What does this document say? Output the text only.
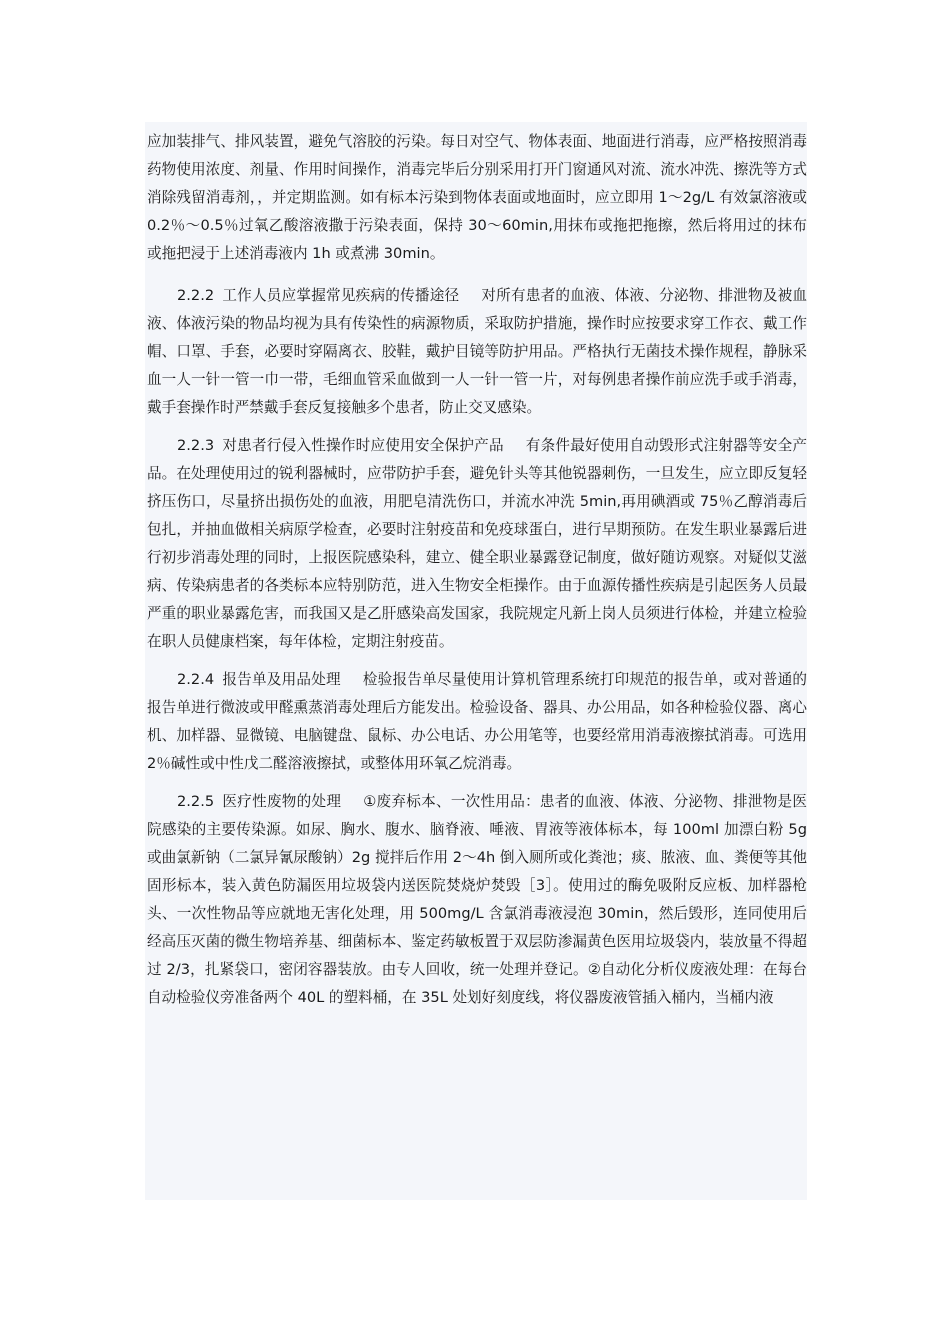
应加装排气、排风装置，避免气溶胶的污染。每日对空气、物体表面、地面进行消毒，应严格按照消毒药物使用浓度、剂量、作用时间操作，消毒完毕后分别采用打开门窗通风对流、流水冲洗、擦洗等方式消除残留消毒剂，，并定期监测。如有标本污染到物体表面或地面时，应立即用 1～2g/L 有效氯溶液或 0.2％～0.5％过氧乙酸溶液撒于污染表面，保持 30～60min,用抹布或拖把拖擦，然后将用过的抹布或拖把浸于上述消毒液内 1h 或煮沸 30min。

2.2.2 工作人员应掌握常见疾病的传播途径 对所有患者的血液、体液、分泌物、排泄物及被血液、体液污染的物品均视为具有传染性的病源物质，采取防护措施，操作时应按要求穿工作衣、戴工作帽、口罩、手套，必要时穿隔离衣、胶鞋，戴护目镜等防护用品。严格执行无菌技术操作规程，静脉采血一人一针一管一巾一带，毛细血管采血做到一人一针一管一片，对每例患者操作前应洗手或手消毒，戴手套操作时严禁戴手套反复接触多个患者，防止交叉感染。

2.2.3 对患者行侵入性操作时应使用安全保护产品 有条件最好使用自动毁形式注射器等安全产品。在处理使用过的锐利器械时，应带防护手套，避免针头等其他锐器刺伤，一旦发生，应立即反复轻挤压伤口，尽量挤出损伤处的血液，用肥皂清洗伤口，并流水冲洗 5min,再用碘酒或 75％乙醇消毒后包扎，并抽血做相关病原学检查，必要时注射疫苗和免疫球蛋白，进行早期预防。在发生职业暴露后进行初步消毒处理的同时，上报医院感染科，建立、健全职业暴露登记制度，做好随访观察。对疑似艾滋病、传染病患者的各类标本应特别防范，进入生物安全柜操作。由于血源传播性疾病是引起医务人员最严重的职业暴露危害，而我国又是乙肝感染高发国家，我院规定凡新上岗人员须进行体检，并建立检验在职人员健康档案，每年体检，定期注射疫苗。

2.2.4 报告单及用品处理 检验报告单尽量使用计算机管理系统打印规范的报告单，或对普通的报告单进行微波或甲醛熏蒸消毒处理后方能发出。检验设备、器具、办公用品，如各种检验仪器、离心机、加样器、显微镜、电脑键盘、鼠标、办公电话、办公用笔等，也要经常用消毒液擦拭消毒。可选用 2％碱性或中性戊二醛溶液擦拭，或整体用环氧乙烷消毒。

2.2.5 医疗性废物的处理 ①废弃标本、一次性用品：患者的血液、体液、分泌物、排泄物是医院感染的主要传染源。如尿、胸水、腹水、脑脊液、唾液、胃液等液体标本，每 100ml 加漂白粉 5g 或曲氯新钠（二氯异氰尿酸钠）2g 搅拌后作用 2～4h 倒入厕所或化粪池；痰、脓液、血、粪便等其他固形标本，装入黄色防漏医用垃圾袋内送医院焚烧炉焚毁［3］。使用过的酶免吸附反应板、加样器枪头、一次性物品等应就地无害化处理，用 500mg/L 含氯消毒液浸泡 30min，然后毁形，连同使用后经高压灭菌的微生物培养基、细菌标本、鉴定药敏板置于双层防渗漏黄色医用垃圾袋内，装放量不得超过 2/3，扎紧袋口，密闭容器装放。由专人回收，统一处理并登记。②自动化分析仪废液处理：在每台自动检验仪旁准备两个 40L 的塑料桶，在 35L 处划好刻度线，将仪器废液管插入桶内，当桶内液
